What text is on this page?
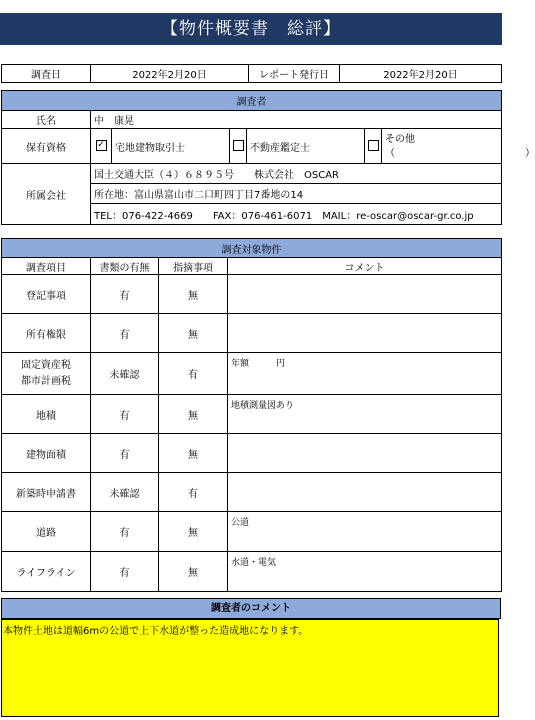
【物件概要書　総評】
調査日	2022年2月20日	レポート発行日	2022年2月20日
調査者						
氏名	中　康晃					
保有資格	✓	宅地建物取引士		不動産鑑定士		その他
（　　　　　　　　　　　　　）

所属会社	国土交通大臣（４）６８９５号　　株式会社　OSCAR					
	所在地：富山県富山市二口町四丁目7番地の14					
	TEL：076-422-4669　　FAX：076-461-6071　MAIL：re-oscar@oscar-gr.co.jp					
調査対象物件			
調査項目	書類の有無	指摘事項	コメント
登記事項	有	無	
所有権限	有	無	
固定資産税
都市計画税	未確認	有	年額　　　円
地積	有	無	地積測量図あり
建物面積	有	無	
新築時申請書	未確認	有	
道路	有	無	公道
ライフライン	有	無	水道・電気
調査者のコメント
本物件土地は道幅6mの公道で上下水道が整った造成地になります。
